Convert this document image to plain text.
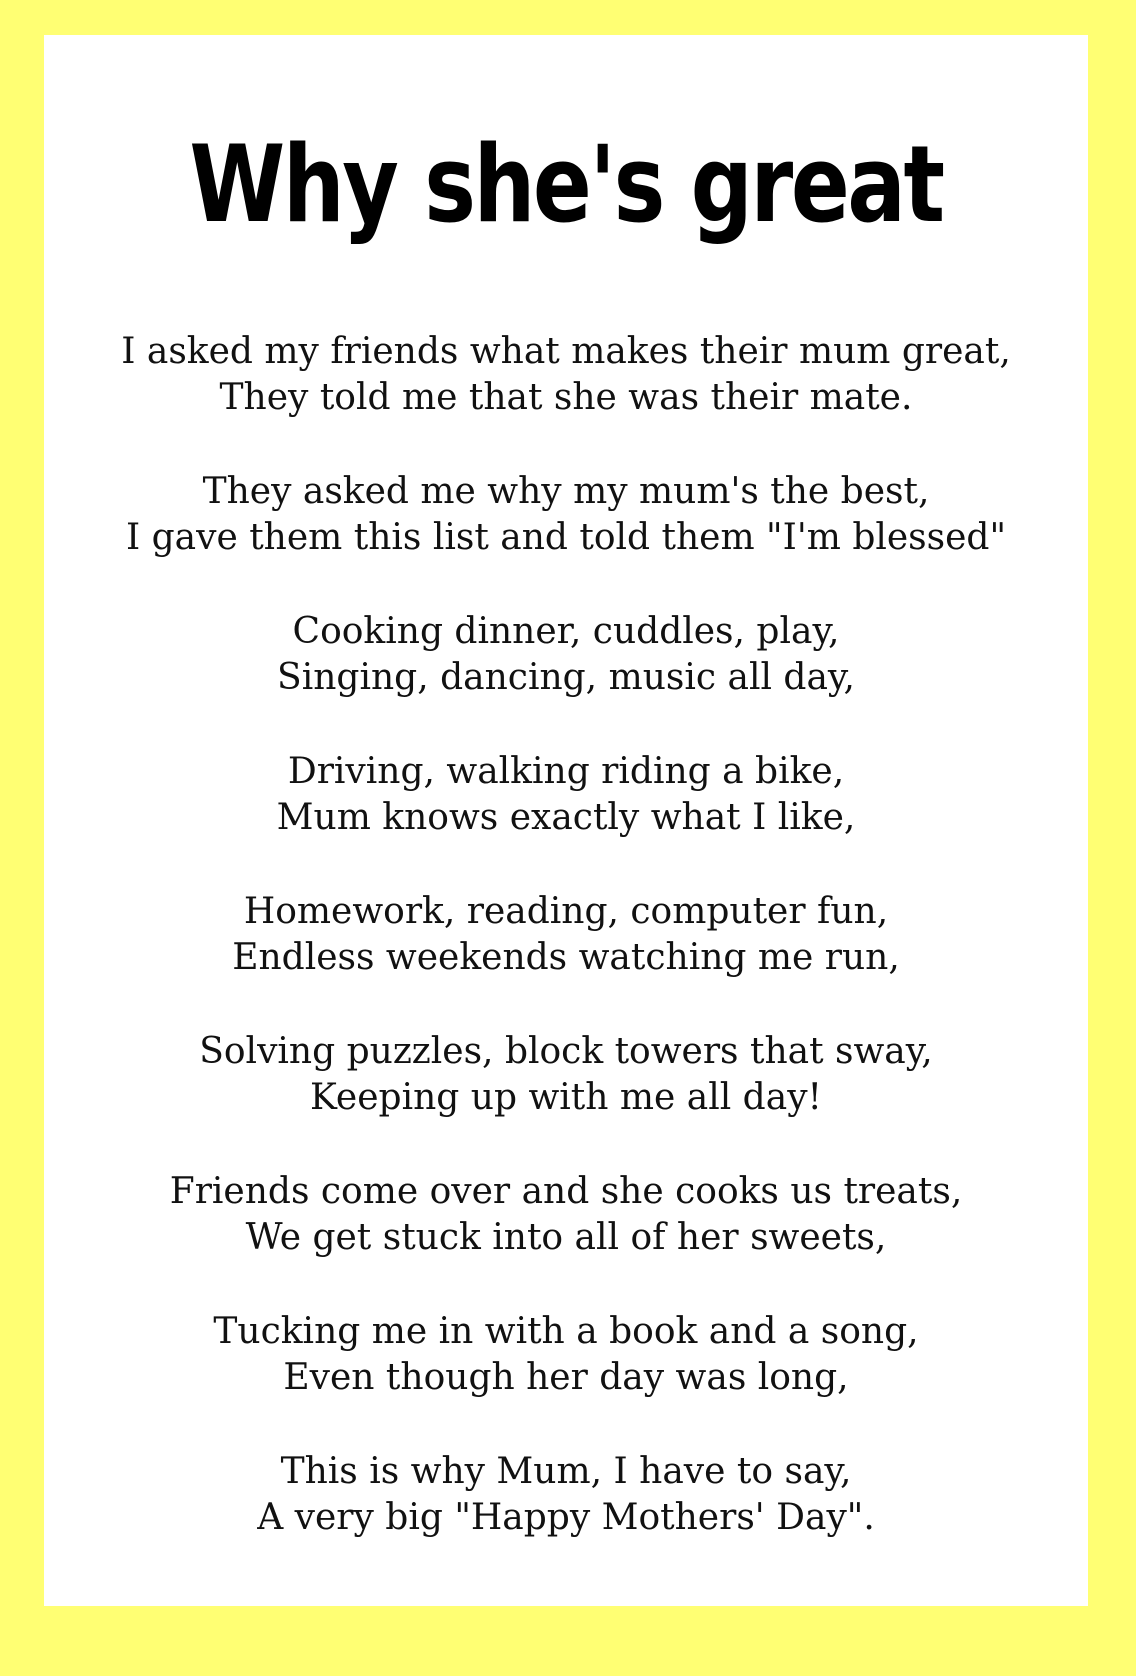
Why she's great
I asked my friends what makes their mum great,
They told me that she was their mate.
They asked me why my mum's the best,
I gave them this list and told them "I'm blessed"
Cooking dinner, cuddles, play,
Singing, dancing, music all day,
Driving, walking riding a bike,
Mum knows exactly what I like,
Homework, reading, computer fun,
Endless weekends watching me run,
Solving puzzles, block towers that sway,
Keeping up with me all day!
Friends come over and she cooks us treats,
We get stuck into all of her sweets,
Tucking me in with a book and a song,
Even though her day was long,
This is why Mum, I have to say,
A very big "Happy Mothers' Day".
